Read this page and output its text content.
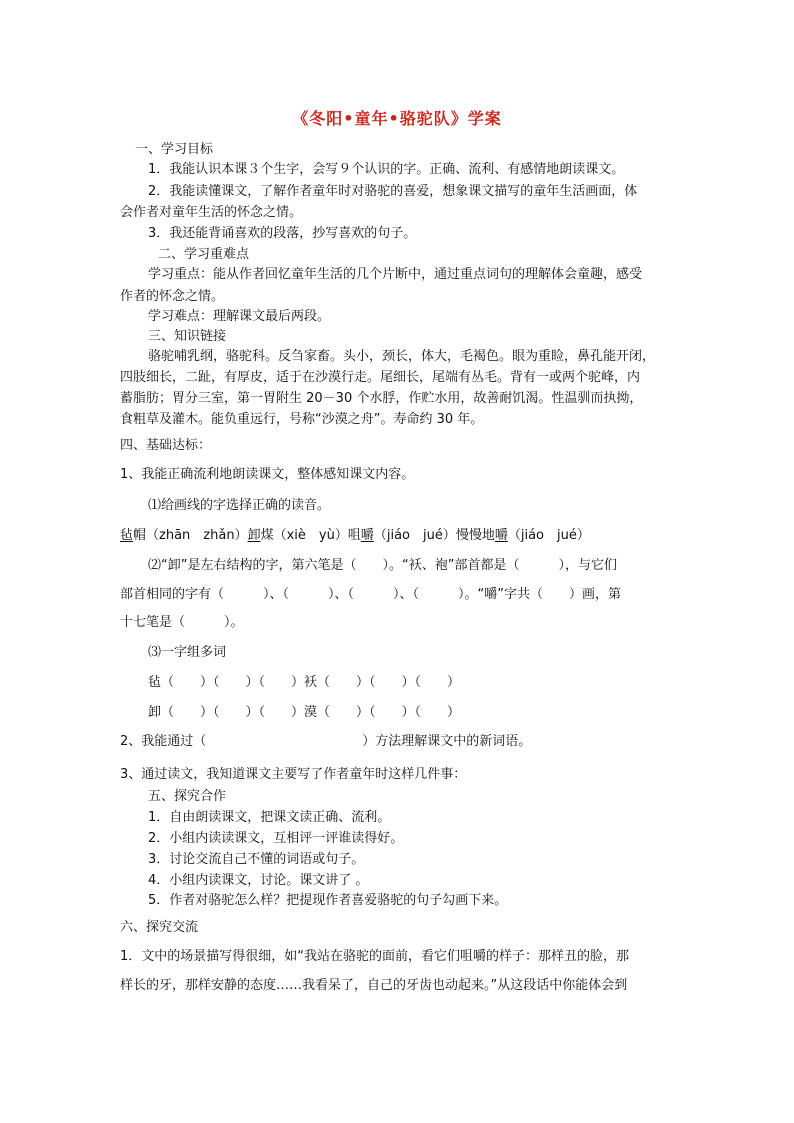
《冬阳•童年•骆驼队》学案
一、学习目标
1．我能认识本课３个生字，会写９个认识的字。正确、流利、有感情地朗读课文。
2．我能读懂课文，了解作者童年时对骆驼的喜爱，想象课文描写的童年生活画面，体
会作者对童年生活的怀念之情。
3．我还能背诵喜欢的段落，抄写喜欢的句子。
二、学习重难点
学习重点：能从作者回忆童年生活的几个片断中，通过重点词句的理解体会童趣，感受
作者的怀念之情。
学习难点：理解课文最后两段。
三、知识链接
骆驼哺乳纲，骆驼科。反刍家畜。头小，颈长，体大，毛褐色。眼为重睑，鼻孔能开闭，
四肢细长，二趾，有厚皮，适于在沙漠行走。尾细长，尾端有丛毛。背有一或两个驼峰，内
蓄脂肪；胃分三室，第一胃附生 20－30 个水脬，作贮水用，故善耐饥渴。性温驯而执拗，
食粗草及灌木。能负重远行，号称“沙漠之舟”。寿命约 30 年。
四、基础达标：
1、我能正确流利地朗读课文，整体感知课文内容。
⑴给画线的字选择正确的读音。
毡帽（zhān　zhǎn）卸煤（xiè　yù）咀嚼（jiáo　jué）慢慢地嚼（jiáo　jué）
⑵“卸”是左右结构的字，第六笔是（　　）。“袄、袍”部首都是（　　　），与它们
部首相同的字有（　　　）、（　　　）、（　　　）、（　　　）。“嚼”字共（　　）画，第
十七笔是（　　　）。
⑶一字组多词
毡（　　）（　　）（　　）袄（　　）（　　）（　　）
卸（　　）（　　）（　　）漠（　　）（　　）（　　）
2、我能通过（　　　　　　　　　　　　）方法理解课文中的新词语。
3、通过读文，我知道课文主要写了作者童年时这样几件事：
五、探究合作
1．自由朗读课文，把课文读正确、流利。
2．小组内读读课文，互相评一评谁读得好。
3．讨论交流自己不懂的词语或句子。
4．小组内读课文，讨论。课文讲了 。
5．作者对骆驼怎么样？把提现作者喜爱骆驼的句子勾画下来。
六、探究交流
1．文中的场景描写得很细，如“我站在骆驼的面前，看它们咀嚼的样子：那样丑的脸，那
样长的牙，那样安静的态度……我看呆了，自己的牙齿也动起来。”从这段话中你能体会到
